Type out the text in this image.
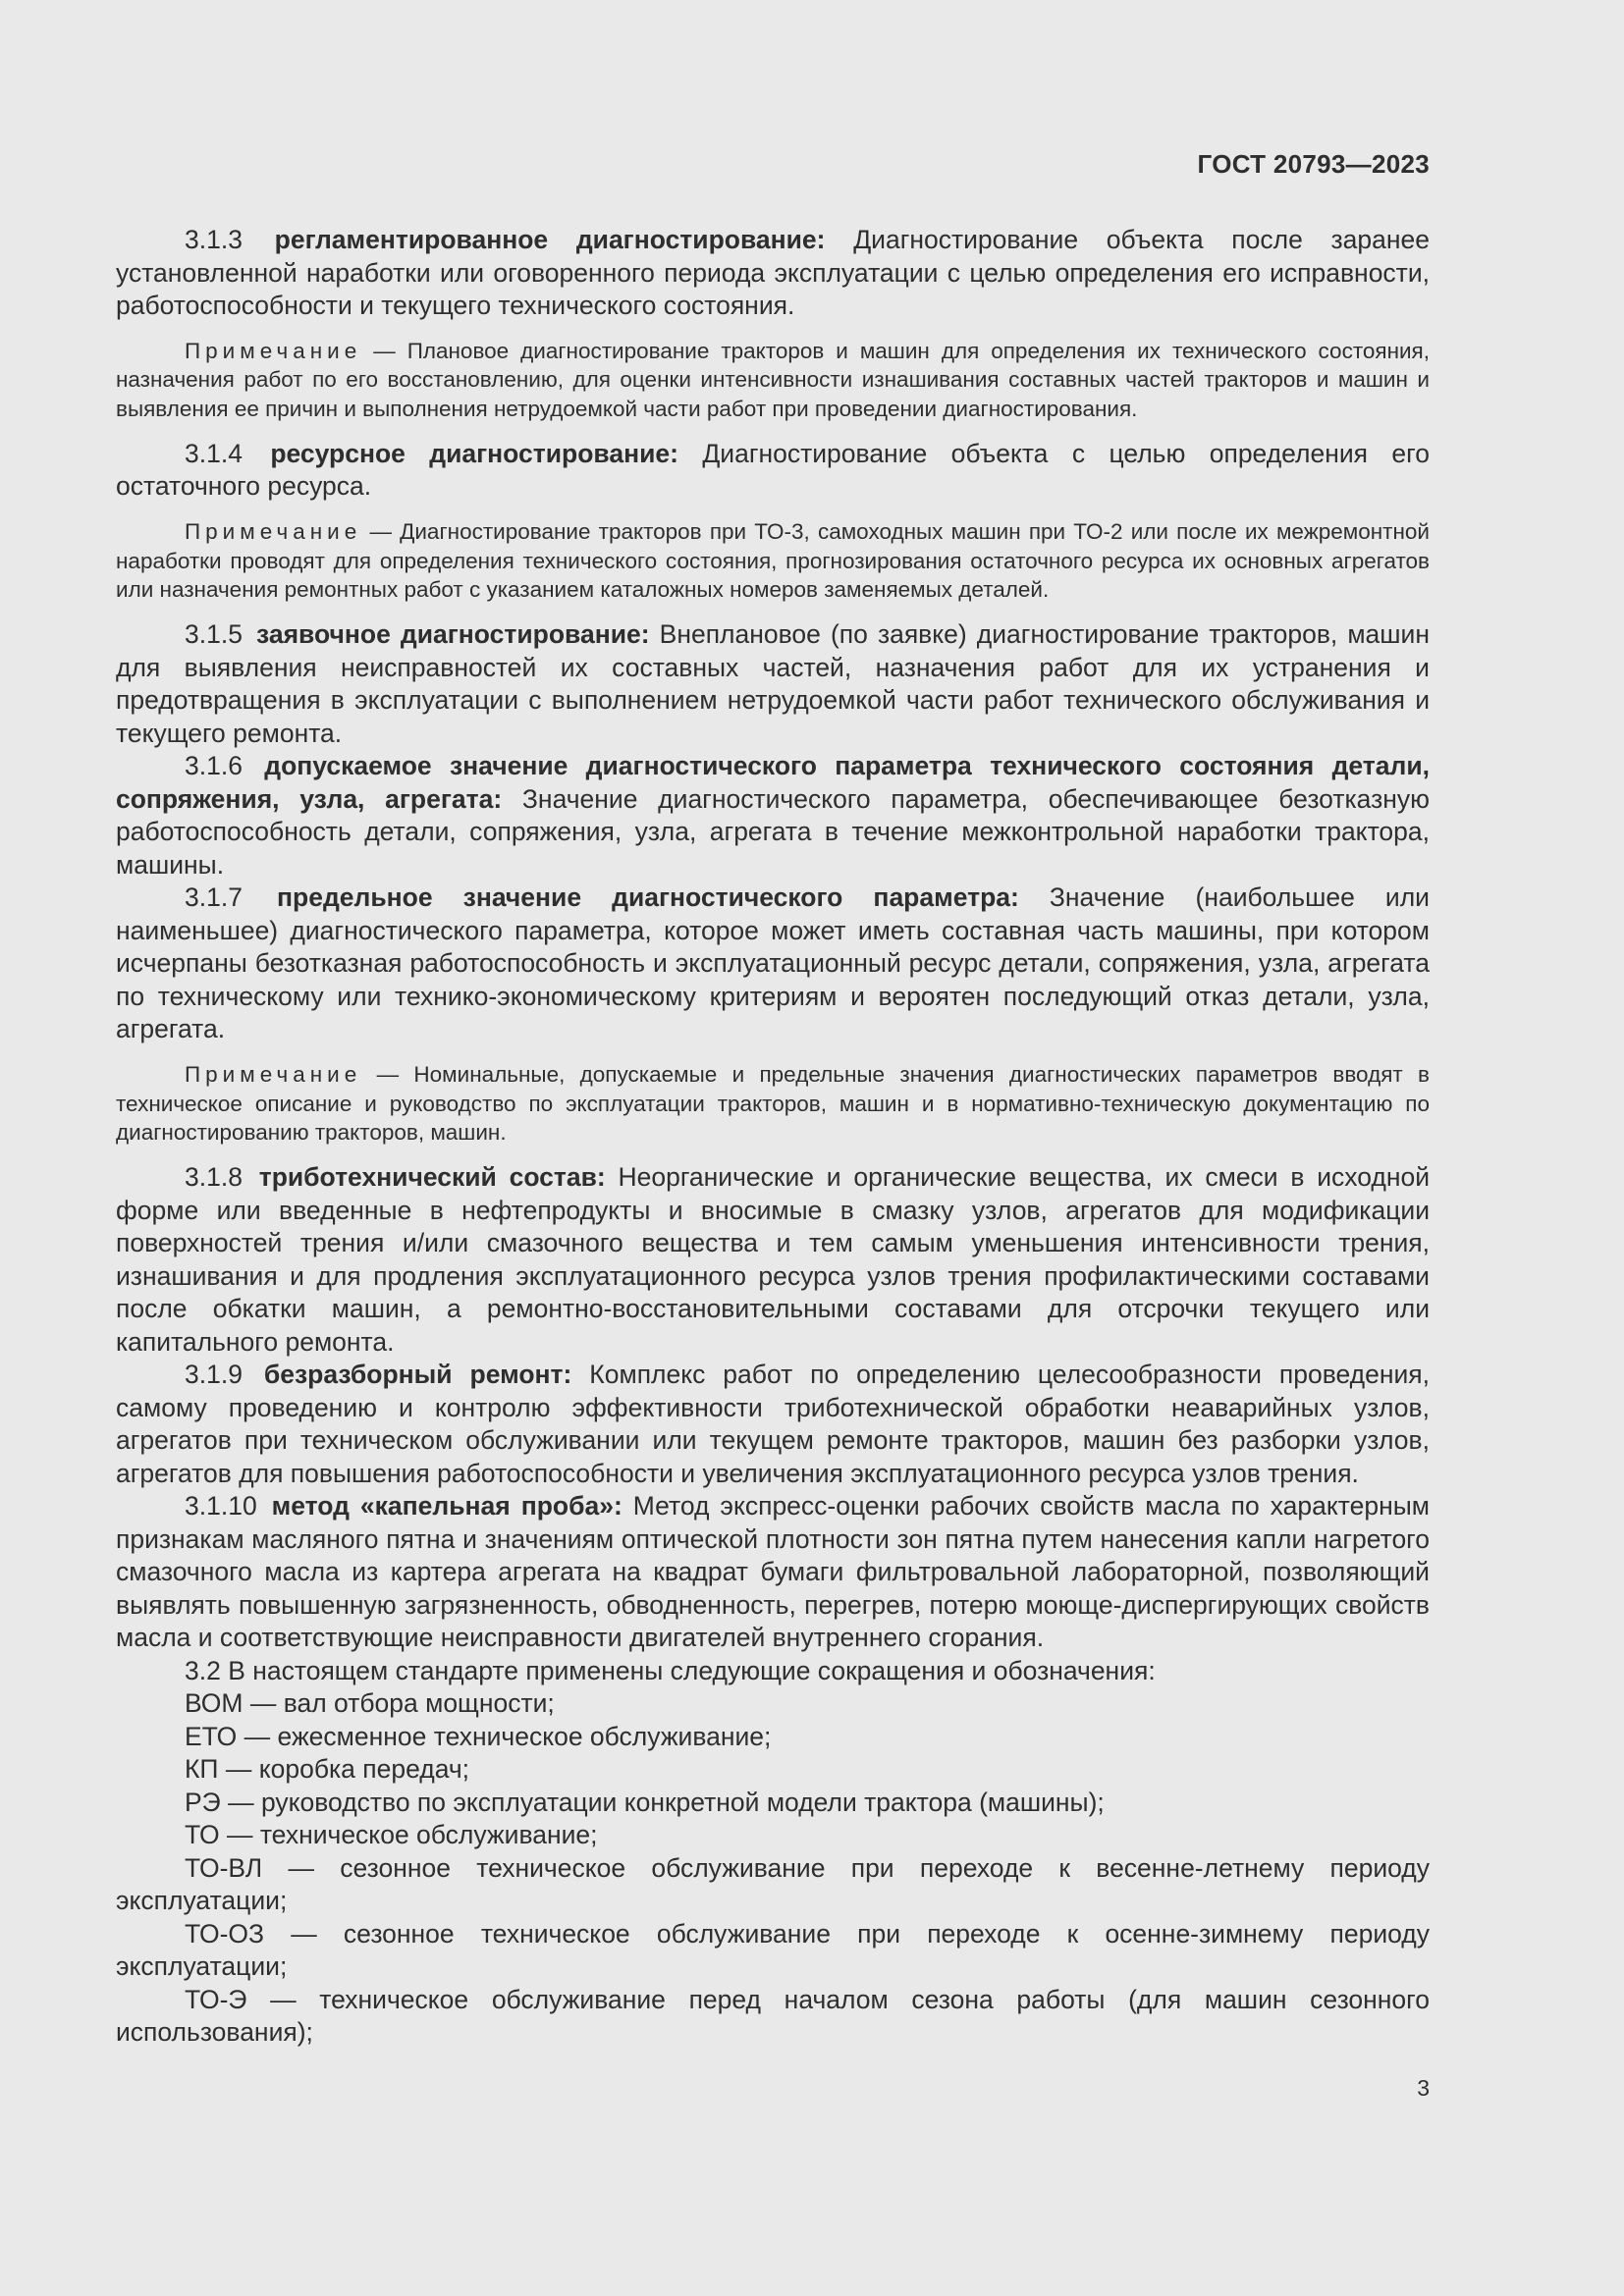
ГОСТ 20793—2023

3.1.3 регламентированное диагностирование: Диагностирование объекта после заранее установленной наработки или оговоренного периода эксплуатации с целью определения его исправности, работоспособности и текущего технического состояния.

Примечание — Плановое диагностирование тракторов и машин для определения их технического состояния, назначения работ по его восстановлению, для оценки интенсивности изнашивания составных частей тракторов и машин и выявления ее причин и выполнения нетрудоемкой части работ при проведении диагностирования.

3.1.4 ресурсное диагностирование: Диагностирование объекта с целью определения его остаточного ресурса.

Примечание — Диагностирование тракторов при ТО-3, самоходных машин при ТО-2 или после их межремонтной наработки проводят для определения технического состояния, прогнозирования остаточного ресурса их основных агрегатов или назначения ремонтных работ с указанием каталожных номеров заменяемых деталей.

3.1.5 заявочное диагностирование: Внеплановое (по заявке) диагностирование тракторов, машин для выявления неисправностей их составных частей, назначения работ для их устранения и предотвращения в эксплуатации с выполнением нетрудоемкой части работ технического обслуживания и текущего ремонта.

3.1.6 допускаемое значение диагностического параметра технического состояния детали, сопряжения, узла, агрегата: Значение диагностического параметра, обеспечивающее безотказную работоспособность детали, сопряжения, узла, агрегата в течение межконтрольной наработки трактора, машины.

3.1.7 предельное значение диагностического параметра: Значение (наибольшее или наименьшее) диагностического параметра, которое может иметь составная часть машины, при котором исчерпаны безотказная работоспособность и эксплуатационный ресурс детали, сопряжения, узла, агрегата по техническому или технико-экономическому критериям и вероятен последующий отказ детали, узла, агрегата.

Примечание — Номинальные, допускаемые и предельные значения диагностических параметров вводят в техническое описание и руководство по эксплуатации тракторов, машин и в нормативно-техническую документацию по диагностированию тракторов, машин.

3.1.8 триботехнический состав: Неорганические и органические вещества, их смеси в исходной форме или введенные в нефтепродукты и вносимые в смазку узлов, агрегатов для модификации поверхностей трения и/или смазочного вещества и тем самым уменьшения интенсивности трения, изнашивания и для продления эксплуатационного ресурса узлов трения профилактическими составами после обкатки машин, а ремонтно-восстановительными составами для отсрочки текущего или капитального ремонта.

3.1.9 безразборный ремонт: Комплекс работ по определению целесообразности проведения, самому проведению и контролю эффективности триботехнической обработки неаварийных узлов, агрегатов при техническом обслуживании или текущем ремонте тракторов, машин без разборки узлов, агрегатов для повышения работоспособности и увеличения эксплуатационного ресурса узлов трения.

3.1.10 метод «капельная проба»: Метод экспресс-оценки рабочих свойств масла по характерным признакам масляного пятна и значениям оптической плотности зон пятна путем нанесения капли нагретого смазочного масла из картера агрегата на квадрат бумаги фильтровальной лабораторной, позволяющий выявлять повышенную загрязненность, обводненность, перегрев, потерю моюще-диспергирующих свойств масла и соответствующие неисправности двигателей внутреннего сгорания.

3.2 В настоящем стандарте применены следующие сокращения и обозначения:

ВОМ — вал отбора мощности;

ЕТО — ежесменное техническое обслуживание;

КП — коробка передач;

РЭ — руководство по эксплуатации конкретной модели трактора (машины);

ТО — техническое обслуживание;

ТО-ВЛ — сезонное техническое обслуживание при переходе к весенне-летнему периоду эксплуатации;

ТО-ОЗ — сезонное техническое обслуживание при переходе к осенне-зимнему периоду эксплуатации;

ТО-Э — техническое обслуживание перед началом сезона работы (для машин сезонного использования);

3
